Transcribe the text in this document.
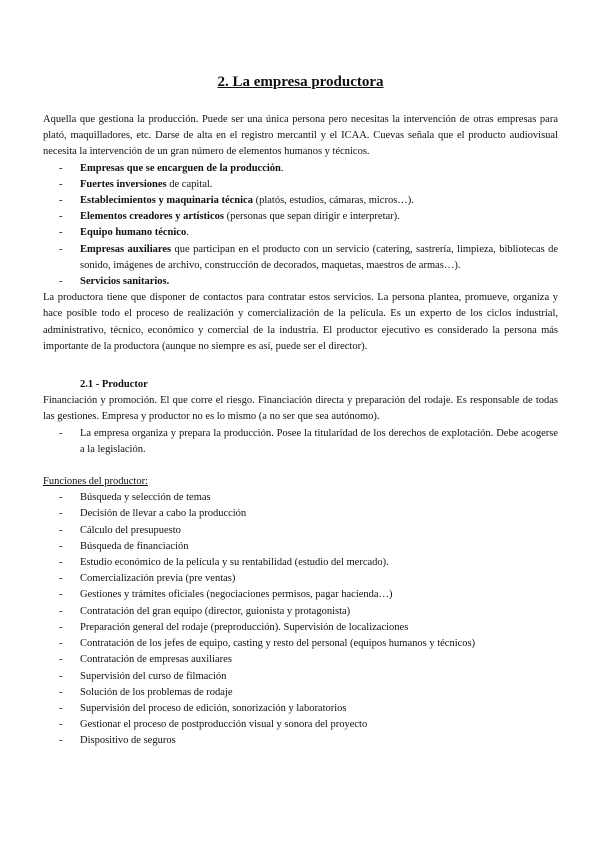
2. La empresa productora

Aquella que gestiona la producción. Puede ser una única persona pero necesitas la intervención de otras empresas para plató, maquilladores, etc. Darse de alta en el registro mercantil y el ICAA. Cuevas señala que el producto audiovisual necesita la intervención de un gran número de elementos humanos y técnicos.

- Empresas que se encarguen de la producción.
- Fuertes inversiones de capital.
- Establecimientos y maquinaria técnica (platós, estudios, cámaras, micros…).
- Elementos creadores y artísticos (personas que sepan dirigir e interpretar).
- Equipo humano técnico.
- Empresas auxiliares que participan en el producto con un servicio (catering, sastrería, limpieza, bibliotecas de sonido, imágenes de archivo, construcción de decorados, maquetas, maestros de armas…).
- Servicios sanitarios.

La productora tiene que disponer de contactos para contratar estos servicios. La persona plantea, promueve, organiza y hace posible todo el proceso de realización y comercialización de la película. Es un experto de los ciclos industrial, administrativo, técnico, económico y comercial de la industria. El productor ejecutivo es considerado la persona más importante de la productora (aunque no siempre es así, puede ser el director).

2.1 - Productor

Financiación y promoción. El que corre el riesgo. Financiación directa y preparación del rodaje. Es responsable de todas las gestiones. Empresa y productor no es lo mismo (a no ser que sea autónomo).

- La empresa organiza y prepara la producción. Posee la titularidad de los derechos de explotación. Debe acogerse a la legislación.
Funciones del productor:
- Búsqueda y selección de temas
- Decisión de llevar a cabo la producción
- Cálculo del presupuesto
- Búsqueda de financiación
- Estudio económico de la película y su rentabilidad (estudio del mercado).
- Comercialización previa (pre ventas)
- Gestiones y trámites oficiales (negociaciones permisos, pagar hacienda…)
- Contratación del gran equipo (director, guionista y protagonista)
- Preparación general del rodaje (preproducción). Supervisión de localizaciones
- Contratación de los jefes de equipo, casting y resto del personal (equipos humanos y técnicos)
- Contratación de empresas auxiliares
- Supervisión del curso de filmación
- Solución de los problemas de rodaje
- Supervisión del proceso de edición, sonorización y laboratorios
- Gestionar el proceso de postproducción visual y sonora del proyecto
- Dispositivo de seguros
